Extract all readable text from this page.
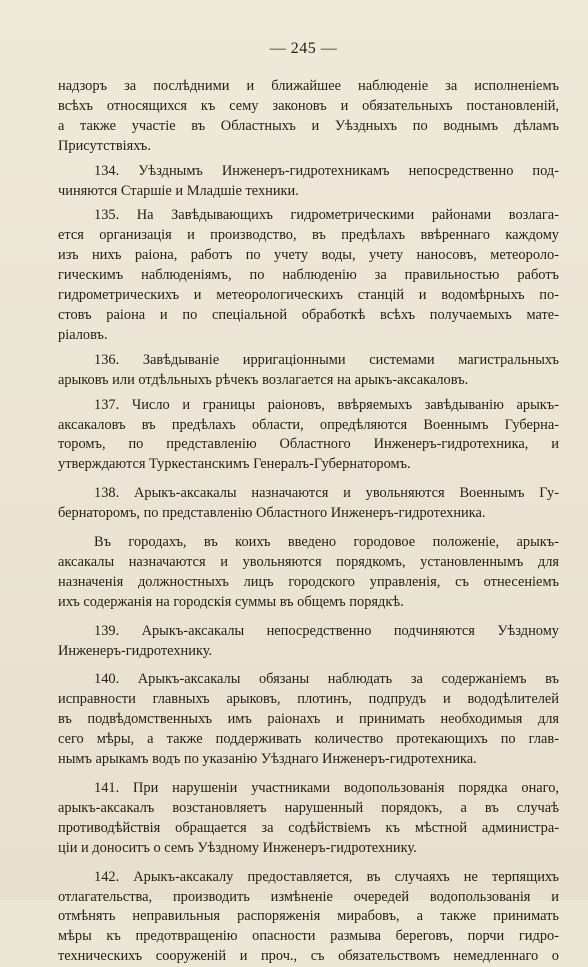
— 245 —
надзоръ за послѣдними и ближайшее наблюденіе за исполненіемъ
всѣхъ относящихся къ сему законовъ и обязательныхъ постановленій,
а также участіе въ Областныхъ и Уѣздныхъ по воднымъ дѣламъ
Присутствіяхъ.
134. Уѣзднымъ Инженеръ-гидротехникамъ непосредственно под-
чиняются Старшіе и Младшіе техники.
135. На Завѣдывающихъ гидрометрическими районами возлага-
ется организація и производство, въ предѣлахъ ввѣреннаго каждому
изъ нихъ раіона, работъ по учету воды, учету наносовъ, метеороло-
гическимъ наблюденіямъ, по наблюденію за правильностью работъ
гидрометрическихъ и метеорологическихъ станцій и водомѣрныхъ по-
стовъ раіона и по спеціальной обработкѣ всѣхъ получаемыхъ мате-
ріаловъ.
136. Завѣдываніе ирригаціонными системами магистральныхъ
арыковъ или отдѣльныхъ рѣчекъ возлагается на арыкъ-аксакаловъ.
137. Число и границы раіоновъ, ввѣряемыхъ завѣдыванію арыкъ-
аксакаловъ въ предѣлахъ области, опредѣляются Военнымъ Губерна-
торомъ, по представленію Областного Инженеръ-гидротехника, и
утверждаются Туркестанскимъ Генералъ-Губернаторомъ.
138. Арыкъ-аксакалы назначаются и увольняются Военнымъ Гу-
бернаторомъ, по представленію Областного Инженеръ-гидротехника.
Въ городахъ, въ коихъ введено городовое положеніе, арыкъ-
аксакалы назначаются и увольняются порядкомъ, установленнымъ для
назначенія должностныхъ лицъ городского управленія, съ отнесеніемъ
ихъ содержанія на городскія суммы въ общемъ порядкѣ.
139. Арыкъ-аксакалы непосредственно подчиняются Уѣздному
Инженеръ-гидротехнику.
140. Арыкъ-аксакалы обязаны наблюдать за содержаніемъ въ
исправности главныхъ арыковъ, плотинъ, подпрудъ и вододѣлителей
въ подвѣдомственныхъ имъ раіонахъ и принимать необходимыя для
сего мѣры, а также поддерживать количество протекающихъ по глав-
нымъ арыкамъ водъ по указанію Уѣзднаго Инженеръ-гидротехника.
141. При нарушеніи участниками водопользованія порядка онаго,
арыкъ-аксакалъ возстановляетъ нарушенный порядокъ, а въ случаѣ
противодѣйствія обращается за содѣйствіемъ къ мѣстной администра-
ціи и доноситъ о семъ Уѣздному Инженеръ-гидротехнику.
142. Арыкъ-аксакалу предоставляется, въ случаяхъ не терпящихъ
отлагательства, производить измѣненіе очередей водопользованія и
отмѣнять неправильныя распоряженія мирабовъ, а также принимать
мѣры къ предотвращенію опасности размыва береговъ, порчи гидро-
техническихъ сооруженій и проч., съ обязательствомъ немедленнаго о
